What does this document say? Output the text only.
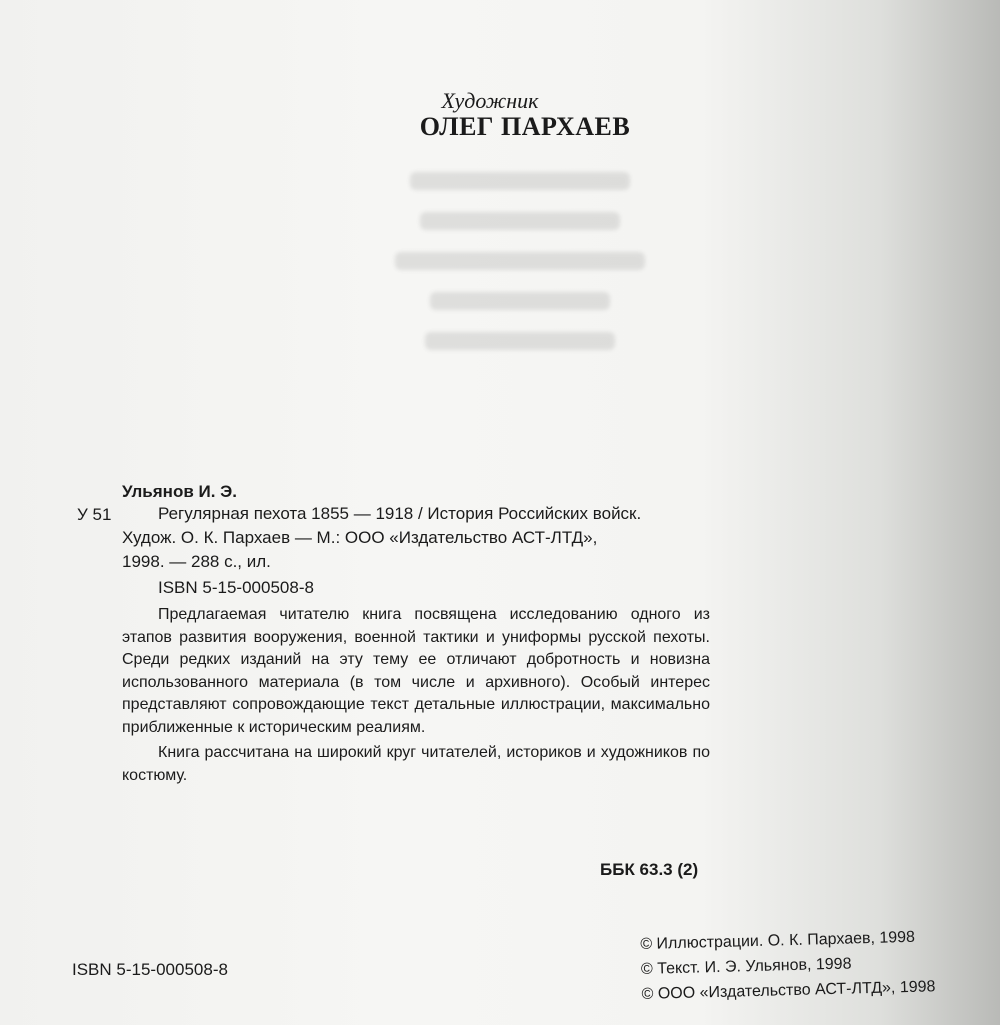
Художник
ОЛЕГ ПАРХАЕВ
Ульянов И. Э.
У 51	Регулярная пехота 1855 — 1918 / История Российских войск.
Худож. О. К. Пархаев — М.: ООО «Издательство АСТ-ЛТД»,
1998. — 288 с., ил.
ISBN 5-15-000508-8

Предлагаемая читателю книга посвящена исследованию одного из этапов развития вооружения, военной тактики и униформы русской пехоты. Среди редких изданий на эту тему ее отличают добротность и новизна использованного материала (в том числе и архивного). Особый интерес представляют сопровождающие текст детальные иллюстрации, максимально приближенные к историческим реалиям.

Книга рассчитана на широкий круг читателей, историков и художников по костюму.

ББК 63.3 (2)
ISBN 5-15-000508-8
© Иллюстрации. О. К. Пархаев, 1998
© Текст. И. Э. Ульянов, 1998
© ООО «Издательство АСТ-ЛТД», 1998
